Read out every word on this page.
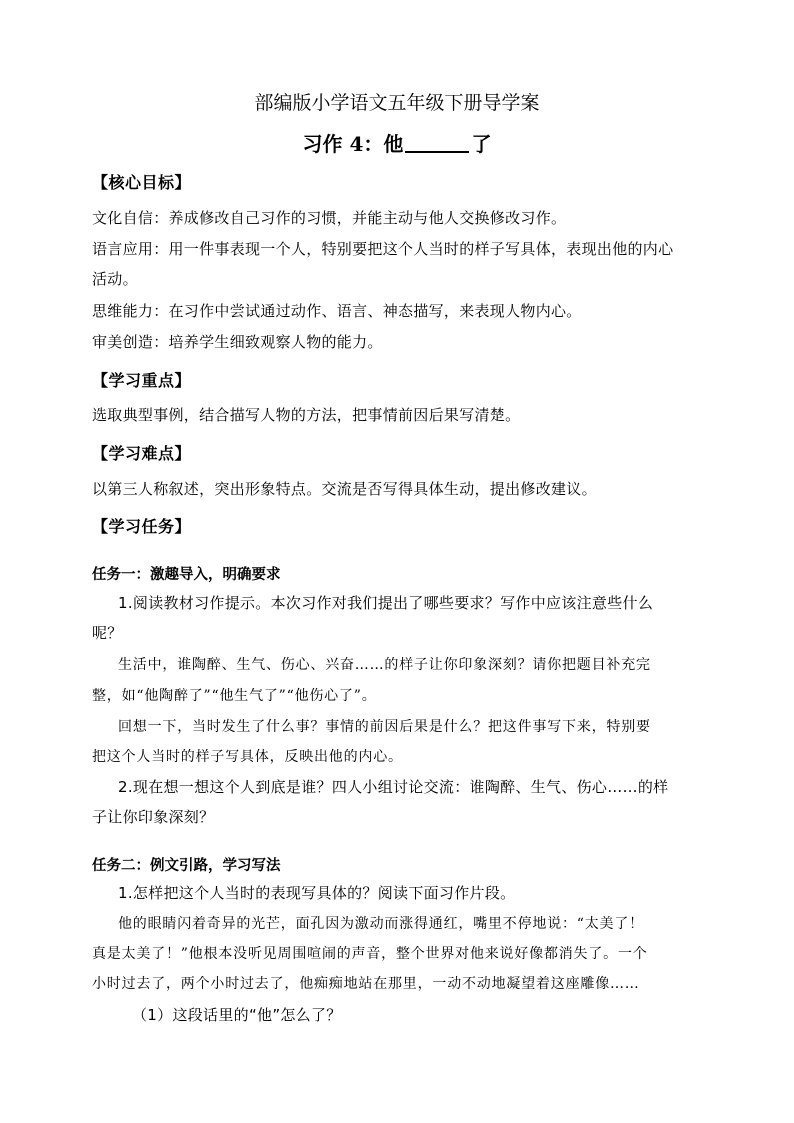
部编版小学语文五年级下册导学案
习作 4：他	了
【核心目标】
文化自信：养成修改自己习作的习惯，并能主动与他人交换修改习作。
语言应用：用一件事表现一个人，特别要把这个人当时的样子写具体，表现出他的内心
活动。
思维能力：在习作中尝试通过动作、语言、神态描写，来表现人物内心。
审美创造：培养学生细致观察人物的能力。
【学习重点】
选取典型事例，结合描写人物的方法，把事情前因后果写清楚。
【学习难点】
以第三人称叙述，突出形象特点。交流是否写得具体生动，提出修改建议。
【学习任务】
任务一：激趣导入，明确要求
1.阅读教材习作提示。本次习作对我们提出了哪些要求？写作中应该注意些什么
呢？
生活中，谁陶醉、生气、伤心、兴奋……的样子让你印象深刻？请你把题目补充完
整，如“他陶醉了”“他生气了”“他伤心了”。
回想一下，当时发生了什么事？事情的前因后果是什么？把这件事写下来，特别要
把这个人当时的样子写具体，反映出他的内心。
2.现在想一想这个人到底是谁？四人小组讨论交流：谁陶醉、生气、伤心……的样
子让你印象深刻？
任务二：例文引路，学习写法
1.怎样把这个人当时的表现写具体的？阅读下面习作片段。
他的眼睛闪着奇异的光芒，面孔因为激动而涨得通红，嘴里不停地说：“太美了！
真是太美了！”他根本没听见周围喧闹的声音，整个世界对他来说好像都消失了。一个
小时过去了，两个小时过去了，他痴痴地站在那里，一动不动地凝望着这座雕像……
（1）这段话里的“他”怎么了？
